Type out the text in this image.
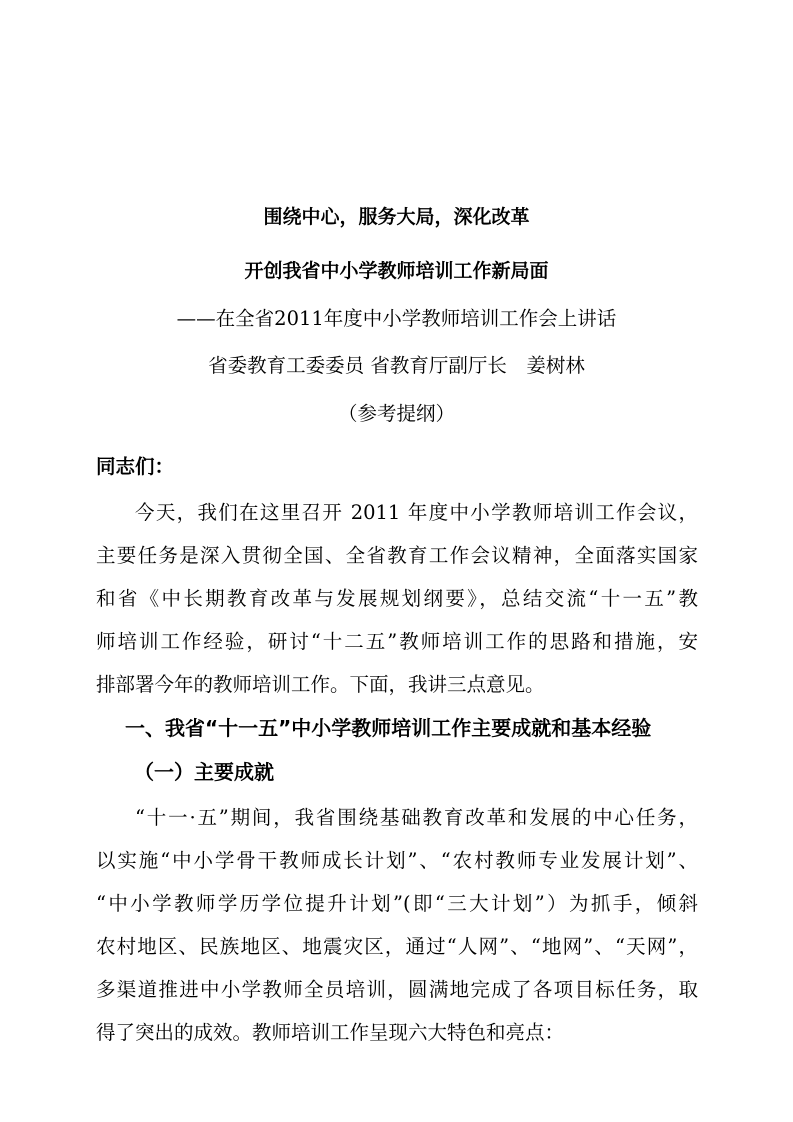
围绕中心，服务大局，深化改革
开创我省中小学教师培训工作新局面
——在全省2011年度中小学教师培训工作会上讲话
省委教育工委委员 省教育厅副厅长　姜树林
（参考提纲）
同志们：
今天，我们在这里召开 2011 年度中小学教师培训工作会议，
主要任务是深入贯彻全国、全省教育工作会议精神，全面落实国家
和省《中长期教育改革与发展规划纲要》，总结交流“十一五”教
师培训工作经验，研讨“十二五”教师培训工作的思路和措施，安
排部署今年的教师培训工作。下面，我讲三点意见。
一、我省“十一五”中小学教师培训工作主要成就和基本经验
（一）主要成就
“十一·五”期间，我省围绕基础教育改革和发展的中心任务，
以实施“中小学骨干教师成长计划”、“农村教师专业发展计划”、
“中小学教师学历学位提升计划”(即“三大计划”）为抓手，倾斜
农村地区、民族地区、地震灾区，通过“人网”、“地网”、“天网”，
多渠道推进中小学教师全员培训，圆满地完成了各项目标任务，取
得了突出的成效。教师培训工作呈现六大特色和亮点：
